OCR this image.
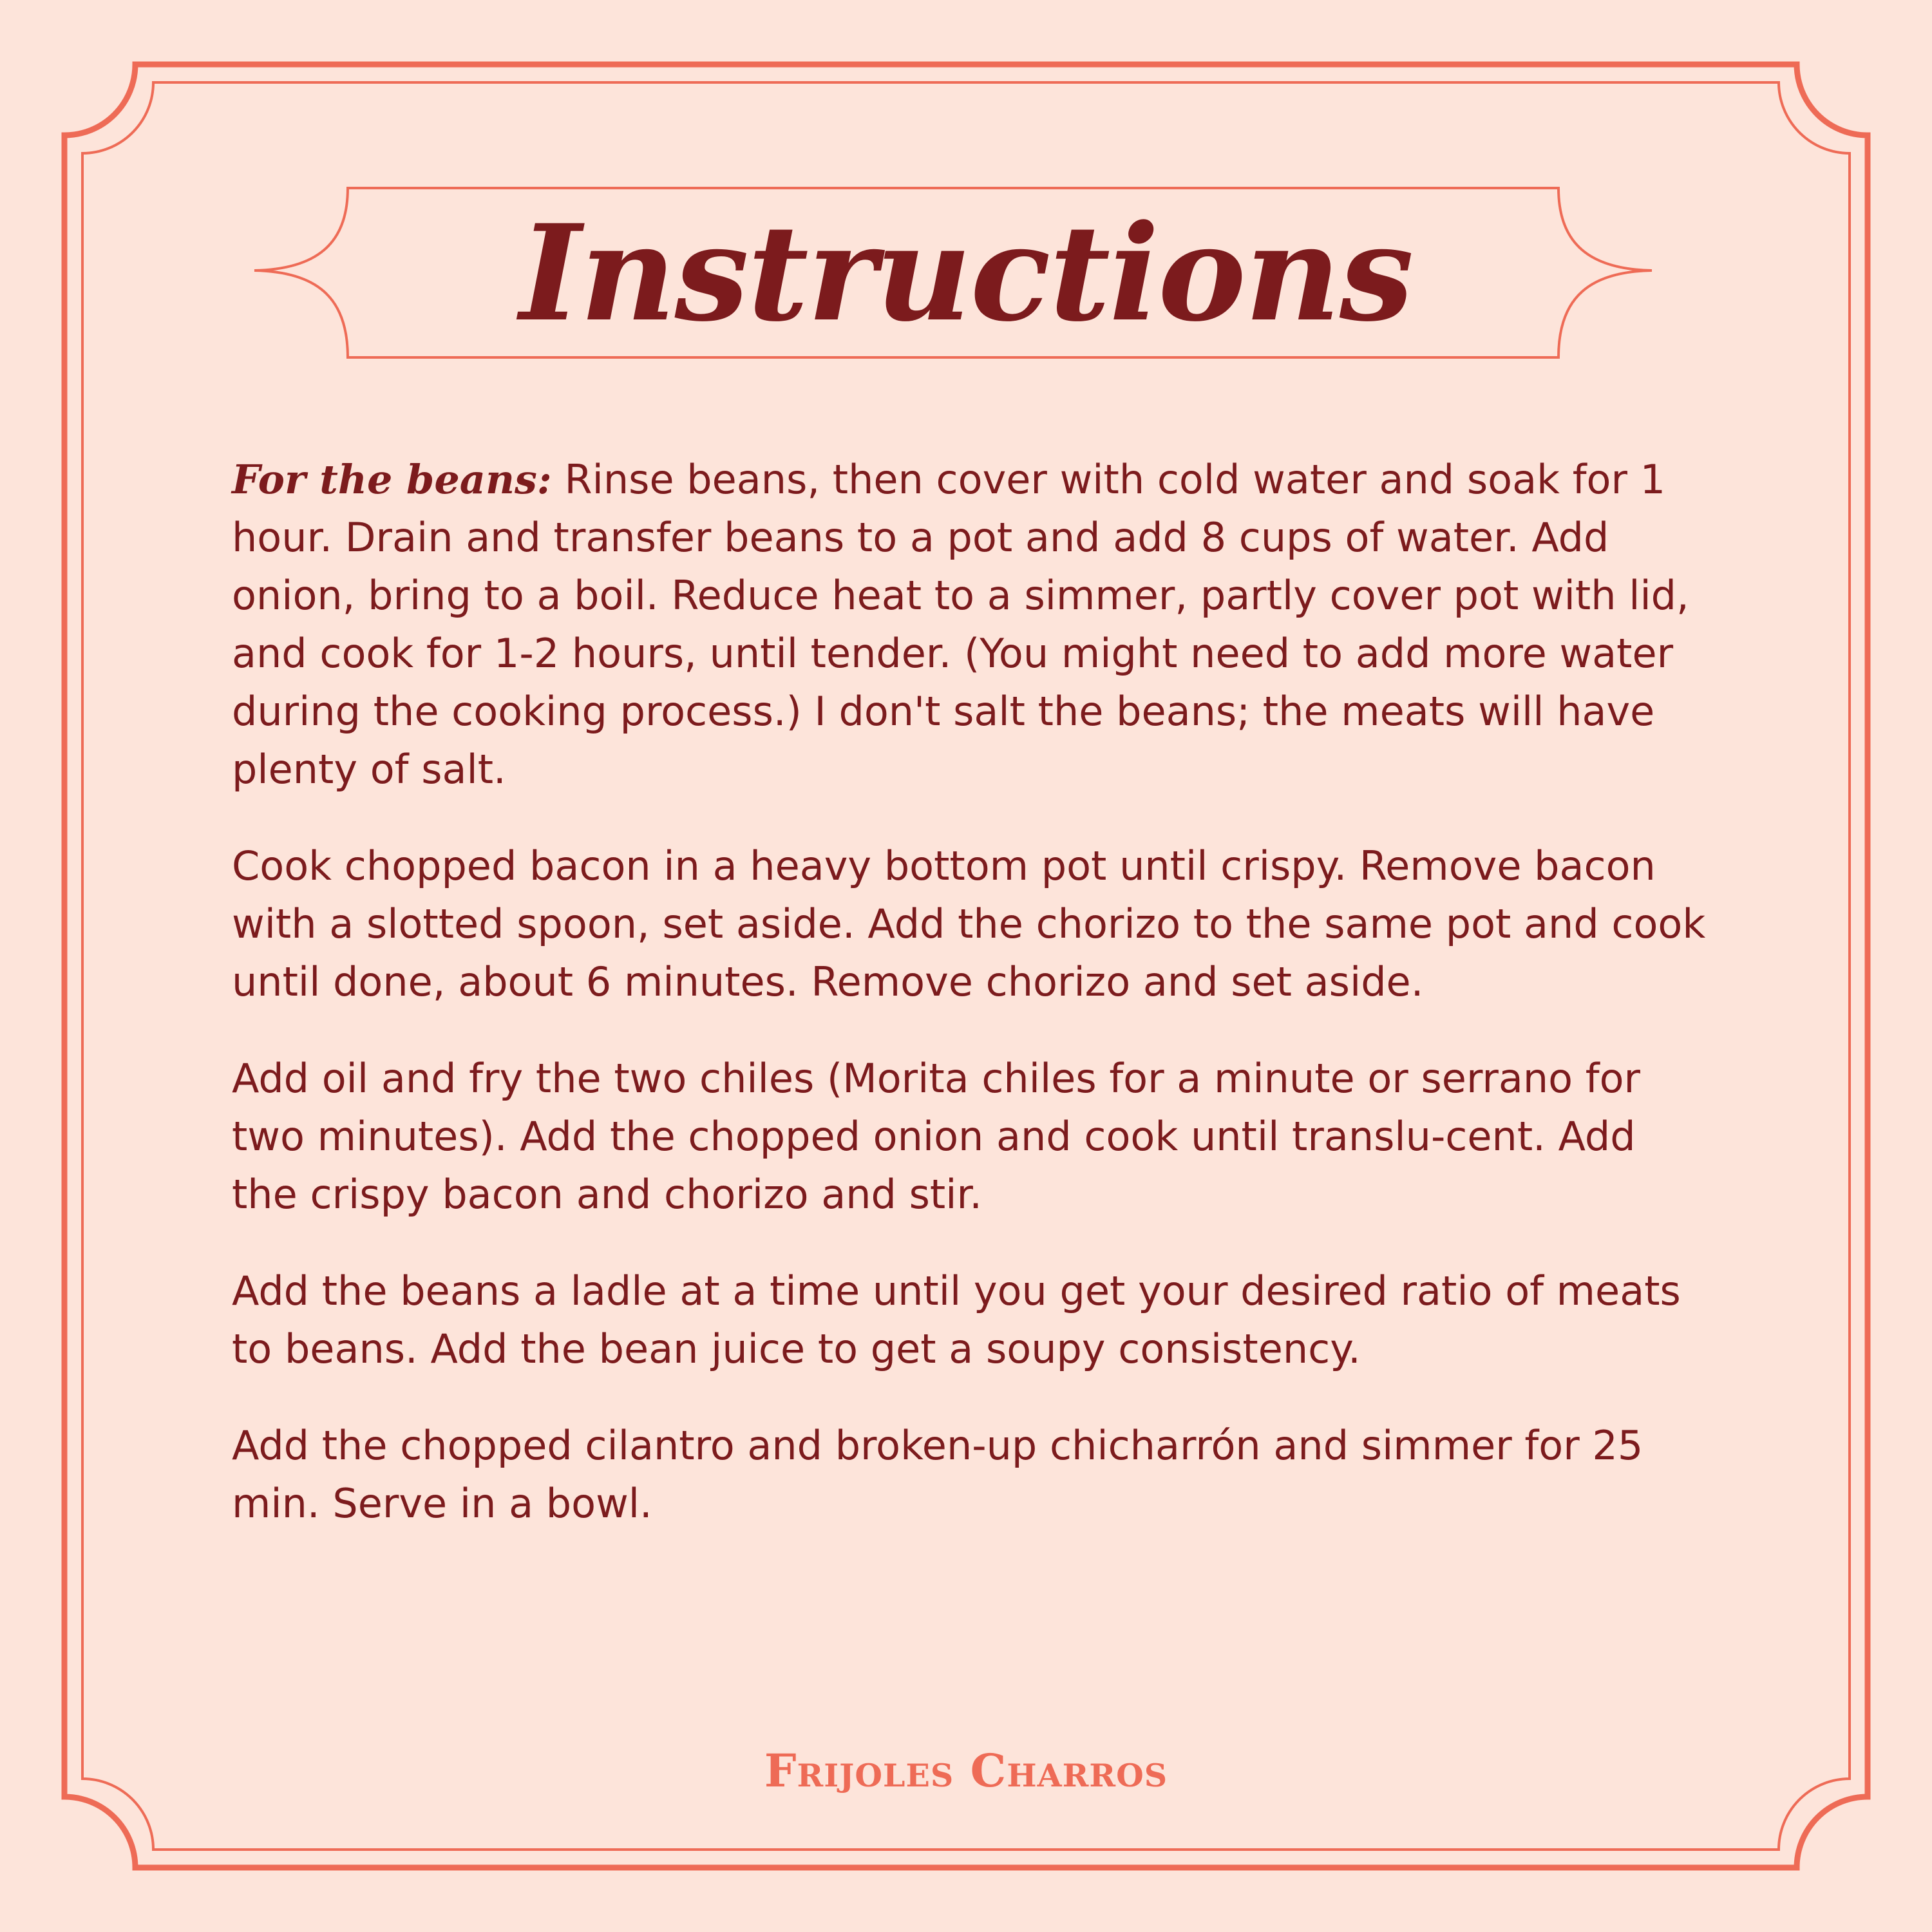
Instructions

For the beans: Rinse beans, then cover with cold water and soak for 1 hour. Drain and transfer beans to a pot and add 8 cups of water. Add onion, bring to a boil. Reduce heat to a simmer, partly cover pot with lid, and cook for 1-2 hours, until tender. (You might need to add more water during the cooking process.) I don't salt the beans; the meats will have plenty of salt.

Cook chopped bacon in a heavy bottom pot until crispy. Remove bacon with a slotted spoon, set aside. Add the chorizo to the same pot and cook until done, about 6 minutes. Remove chorizo and set aside.

Add oil and fry the two chiles (Morita chiles for a minute or serrano for two minutes). Add the chopped onion and cook until translu-cent. Add the crispy bacon and chorizo and stir.

Add the beans a ladle at a time until you get your desired ratio of meats to beans. Add the bean juice to get a soupy consistency.

Add the chopped cilantro and broken-up chicharrón and simmer for 25 min. Serve in a bowl.

Frijoles Charros
